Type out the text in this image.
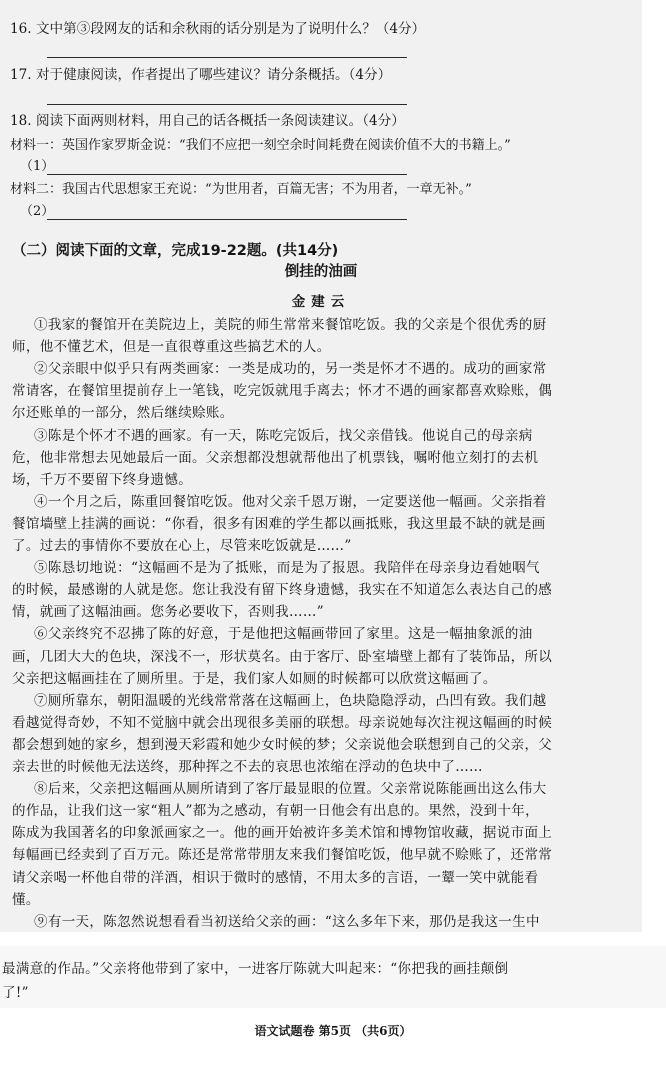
16. 文中第③段网友的话和余秋雨的话分别是为了说明什么？（4分）
17. 对于健康阅读，作者提出了哪些建议？请分条概括。（4分）
18. 阅读下面两则材料，用自己的话各概括一条阅读建议。（4分）
材料一：英国作家罗斯金说：“我们不应把一刻空余时间耗费在阅读价值不大的书籍上。”
（1）
材料二：我国古代思想家王充说：“为世用者，百篇无害；不为用者，一章无补。”
（2）
（二）阅读下面的文章，完成19-22题。(共14分)
倒挂的油画
金建云
①我家的餐馆开在美院边上，美院的师生常常来餐馆吃饭。我的父亲是个很优秀的厨
师，他不懂艺术，但是一直很尊重这些搞艺术的人。
②父亲眼中似乎只有两类画家：一类是成功的，另一类是怀才不遇的。成功的画家常
常请客，在餐馆里提前存上一笔钱，吃完饭就甩手离去；怀才不遇的画家都喜欢赊账，偶
尔还账单的一部分，然后继续赊账。
③陈是个怀才不遇的画家。有一天，陈吃完饭后，找父亲借钱。他说自己的母亲病
危，他非常想去见她最后一面。父亲想都没想就帮他出了机票钱，嘱咐他立刻打的去机
场，千万不要留下终身遗憾。
④一个月之后，陈重回餐馆吃饭。他对父亲千恩万谢，一定要送他一幅画。父亲指着
餐馆墙壁上挂满的画说：“你看，很多有困难的学生都以画抵账，我这里最不缺的就是画
了。过去的事情你不要放在心上，尽管来吃饭就是……”
⑤陈恳切地说：“这幅画不是为了抵账，而是为了报恩。我陪伴在母亲身边看她咽气
的时候，最感谢的人就是您。您让我没有留下终身遗憾，我实在不知道怎么表达自己的感
情，就画了这幅油画。您务必要收下，否则我……”
⑥父亲终究不忍拂了陈的好意，于是他把这幅画带回了家里。这是一幅抽象派的油
画，几团大大的色块，深浅不一，形状莫名。由于客厅、卧室墙壁上都有了装饰品，所以
父亲把这幅画挂在了厕所里。于是，我们家人如厕的时候都可以欣赏这幅画了。
⑦厕所靠东，朝阳温暖的光线常常落在这幅画上，色块隐隐浮动，凸凹有致。我们越
看越觉得奇妙，不知不觉脑中就会出现很多美丽的联想。母亲说她每次注视这幅画的时候
都会想到她的家乡，想到漫天彩霞和她少女时候的梦；父亲说他会联想到自己的父亲，父
亲去世的时候他无法送终，那种挥之不去的哀思也浓缩在浮动的色块中了……
⑧后来，父亲把这幅画从厕所请到了客厅最显眼的位置。父亲常说陈能画出这么伟大
的作品，让我们这一家“粗人”都为之感动，有朝一日他会有出息的。果然，没到十年，
陈成为我国著名的印象派画家之一。他的画开始被许多美术馆和博物馆收藏，据说市面上
每幅画已经卖到了百万元。陈还是常常带朋友来我们餐馆吃饭，他早就不赊账了，还常常
请父亲喝一杯他自带的洋酒，相识于微时的感情，不用太多的言语，一颦一笑中就能看
懂。
⑨有一天，陈忽然说想看看当初送给父亲的画：“这么多年下来，那仍是我这一生中
最满意的作品。”父亲将他带到了家中，一进客厅陈就大叫起来：“你把我的画挂颠倒
了!”
语文试题卷 第5页 （共6页）
